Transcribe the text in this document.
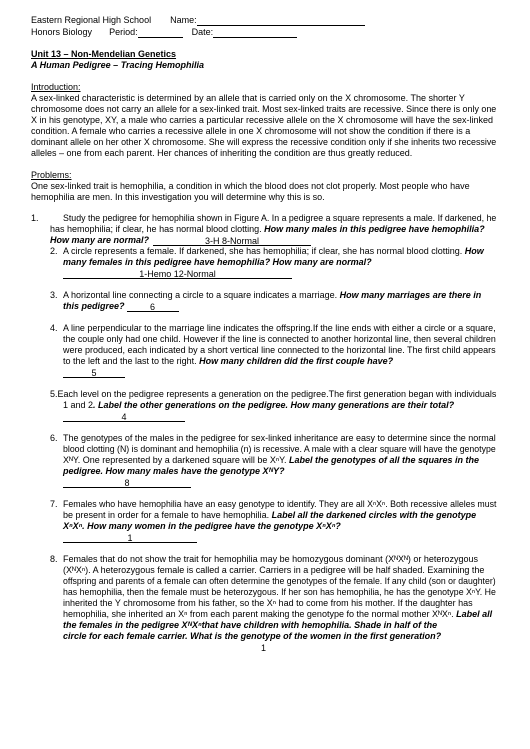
Eastern Regional High School Name:
Honors Biology Period:	Date:
Unit 13 – Non-Mendelian Genetics
A Human Pedigree – Tracing Hemophilia
Introduction:
A sex-linked characteristic is determined by an allele that is carried only on the X chromosome. The shorter Y
chromosome does not carry an allele for a sex-linked trait. Most sex-linked traits are recessive. Since there is only one
X in his genotype, XY, a male who carries a particular recessive allele on the X chromosome will have the sex-linked
condition. A female who carries a recessive allele in one X chromosome will not show the condition if there is a
dominant allele on her other X chromosome. She will express the recessive condition only if she inherits two recessive
alleles – one from each parent. Her chances of inheriting the condition are thus greatly reduced.
Problems:
One sex-linked trait is hemophilia, a condition in which the blood does not clot properly. Most people who have
hemophilia are men. In this investigation you will determine why this is so.
1.	Study the pedigree for hemophilia shown in Figure A. In a pedigree a square represents a male. If darkened, he
has hemophilia; if clear, he has normal blood clotting. How many males in this pedigree have hemophilia?
How many are normal?	3-H 8-Normal
2. A circle represents a female. If darkened, she has hemophilia; if clear, she has normal blood clotting. How
many females in this pedigree have hemophilia? How many are normal?
1-Hemo 12-Normal
3. A horizontal line connecting a circle to a square indicates a marriage. How many marriages are there in
this pedigree?	6
4. A line perpendicular to the marriage line indicates the offspring.If the line ends with either a circle or a square,
the couple only had one child. However if the line is connected to another horizontal line, then several children
were produced, each indicated by a short vertical line connected to the horizontal line. The first child appears
to the left and the last to the right. How many children did the first couple have?
5
5.Each level on the pedigree represents a generation on the pedigree.The first generation began with individuals
1 and 2. Label the other generations on the pedigree. How many generations are their total?
4
6. The genotypes of the males in the pedigree for sex-linked inheritance are easy to determine since the normal
blood clotting (N) is dominant and hemophilia (n) is recessive. A male with a clear square will have the genotype
XᴺY. One represented by a darkened square will be XⁿY. Label the genotypes of all the squares in the
pedigree. How many males have the genotype XᴺY?
8
7. Females who have hemophilia have an easy genotype to identify. They are all XⁿXⁿ. Both recessive alleles must
be present in order for a female to have hemophilia. Label all the darkened circles with the genotype
XⁿXⁿ. How many women in the pedigree have the genotype XⁿXⁿ?
1
8. Females that do not show the trait for hemophilia may be homozygous dominant (XᴺXᴺ) or heterozygous
(XᴺXⁿ). A heterozygous female is called a carrier. Carriers in a pedigree will be half shaded. Examining the
offspring and parents of a female can often determine the genotypes of the female. If any child (son or daughter)
has hemophilia, then the female must be heterozygous. If her son has hemophilia, he has the genotype XⁿY. He
inherited the Y chromosome from his father, so the Xⁿ had to come from his mother. If the daughter has
hemophilia, she inherited an Xⁿ from each parent making the genotype fo the normal mother XᴺXⁿ. Label all
the females in the pedigree XᴺXⁿthat have children with hemophilia. Shade in half of the
circle for each female carrier. What is the genotype of the women in the first generation?
1
